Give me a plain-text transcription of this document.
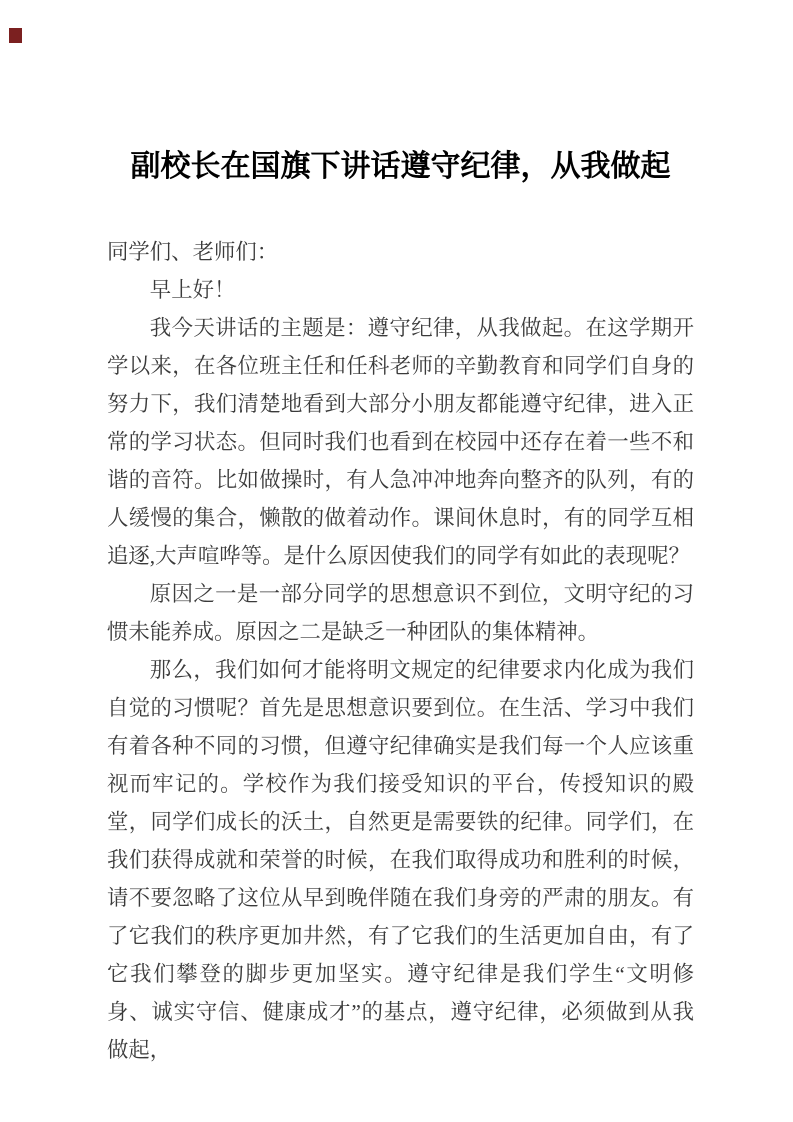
副校长在国旗下讲话遵守纪律，从我做起

同学们、老师们：

早上好！

我今天讲话的主题是：遵守纪律，从我做起。在这学期开学以来，在各位班主任和任科老师的辛勤教育和同学们自身的努力下，我们清楚地看到大部分小朋友都能遵守纪律，进入正常的学习状态。但同时我们也看到在校园中还存在着一些不和谐的音符。比如做操时，有人急冲冲地奔向整齐的队列，有的人缓慢的集合，懒散的做着动作。课间休息时，有的同学互相追逐,大声喧哗等。是什么原因使我们的同学有如此的表现呢？

原因之一是一部分同学的思想意识不到位，文明守纪的习惯未能养成。原因之二是缺乏一种团队的集体精神。

那么，我们如何才能将明文规定的纪律要求内化成为我们自觉的习惯呢？首先是思想意识要到位。在生活、学习中我们有着各种不同的习惯，但遵守纪律确实是我们每一个人应该重视而牢记的。学校作为我们接受知识的平台，传授知识的殿堂，同学们成长的沃土，自然更是需要铁的纪律。同学们，在我们获得成就和荣誉的时候，在我们取得成功和胜利的时候，请不要忽略了这位从早到晚伴随在我们身旁的严肃的朋友。有了它我们的秩序更加井然，有了它我们的生活更加自由，有了它我们攀登的脚步更加坚实。遵守纪律是我们学生“文明修身、诚实守信、健康成才”的基点，遵守纪律，必须做到从我做起，
